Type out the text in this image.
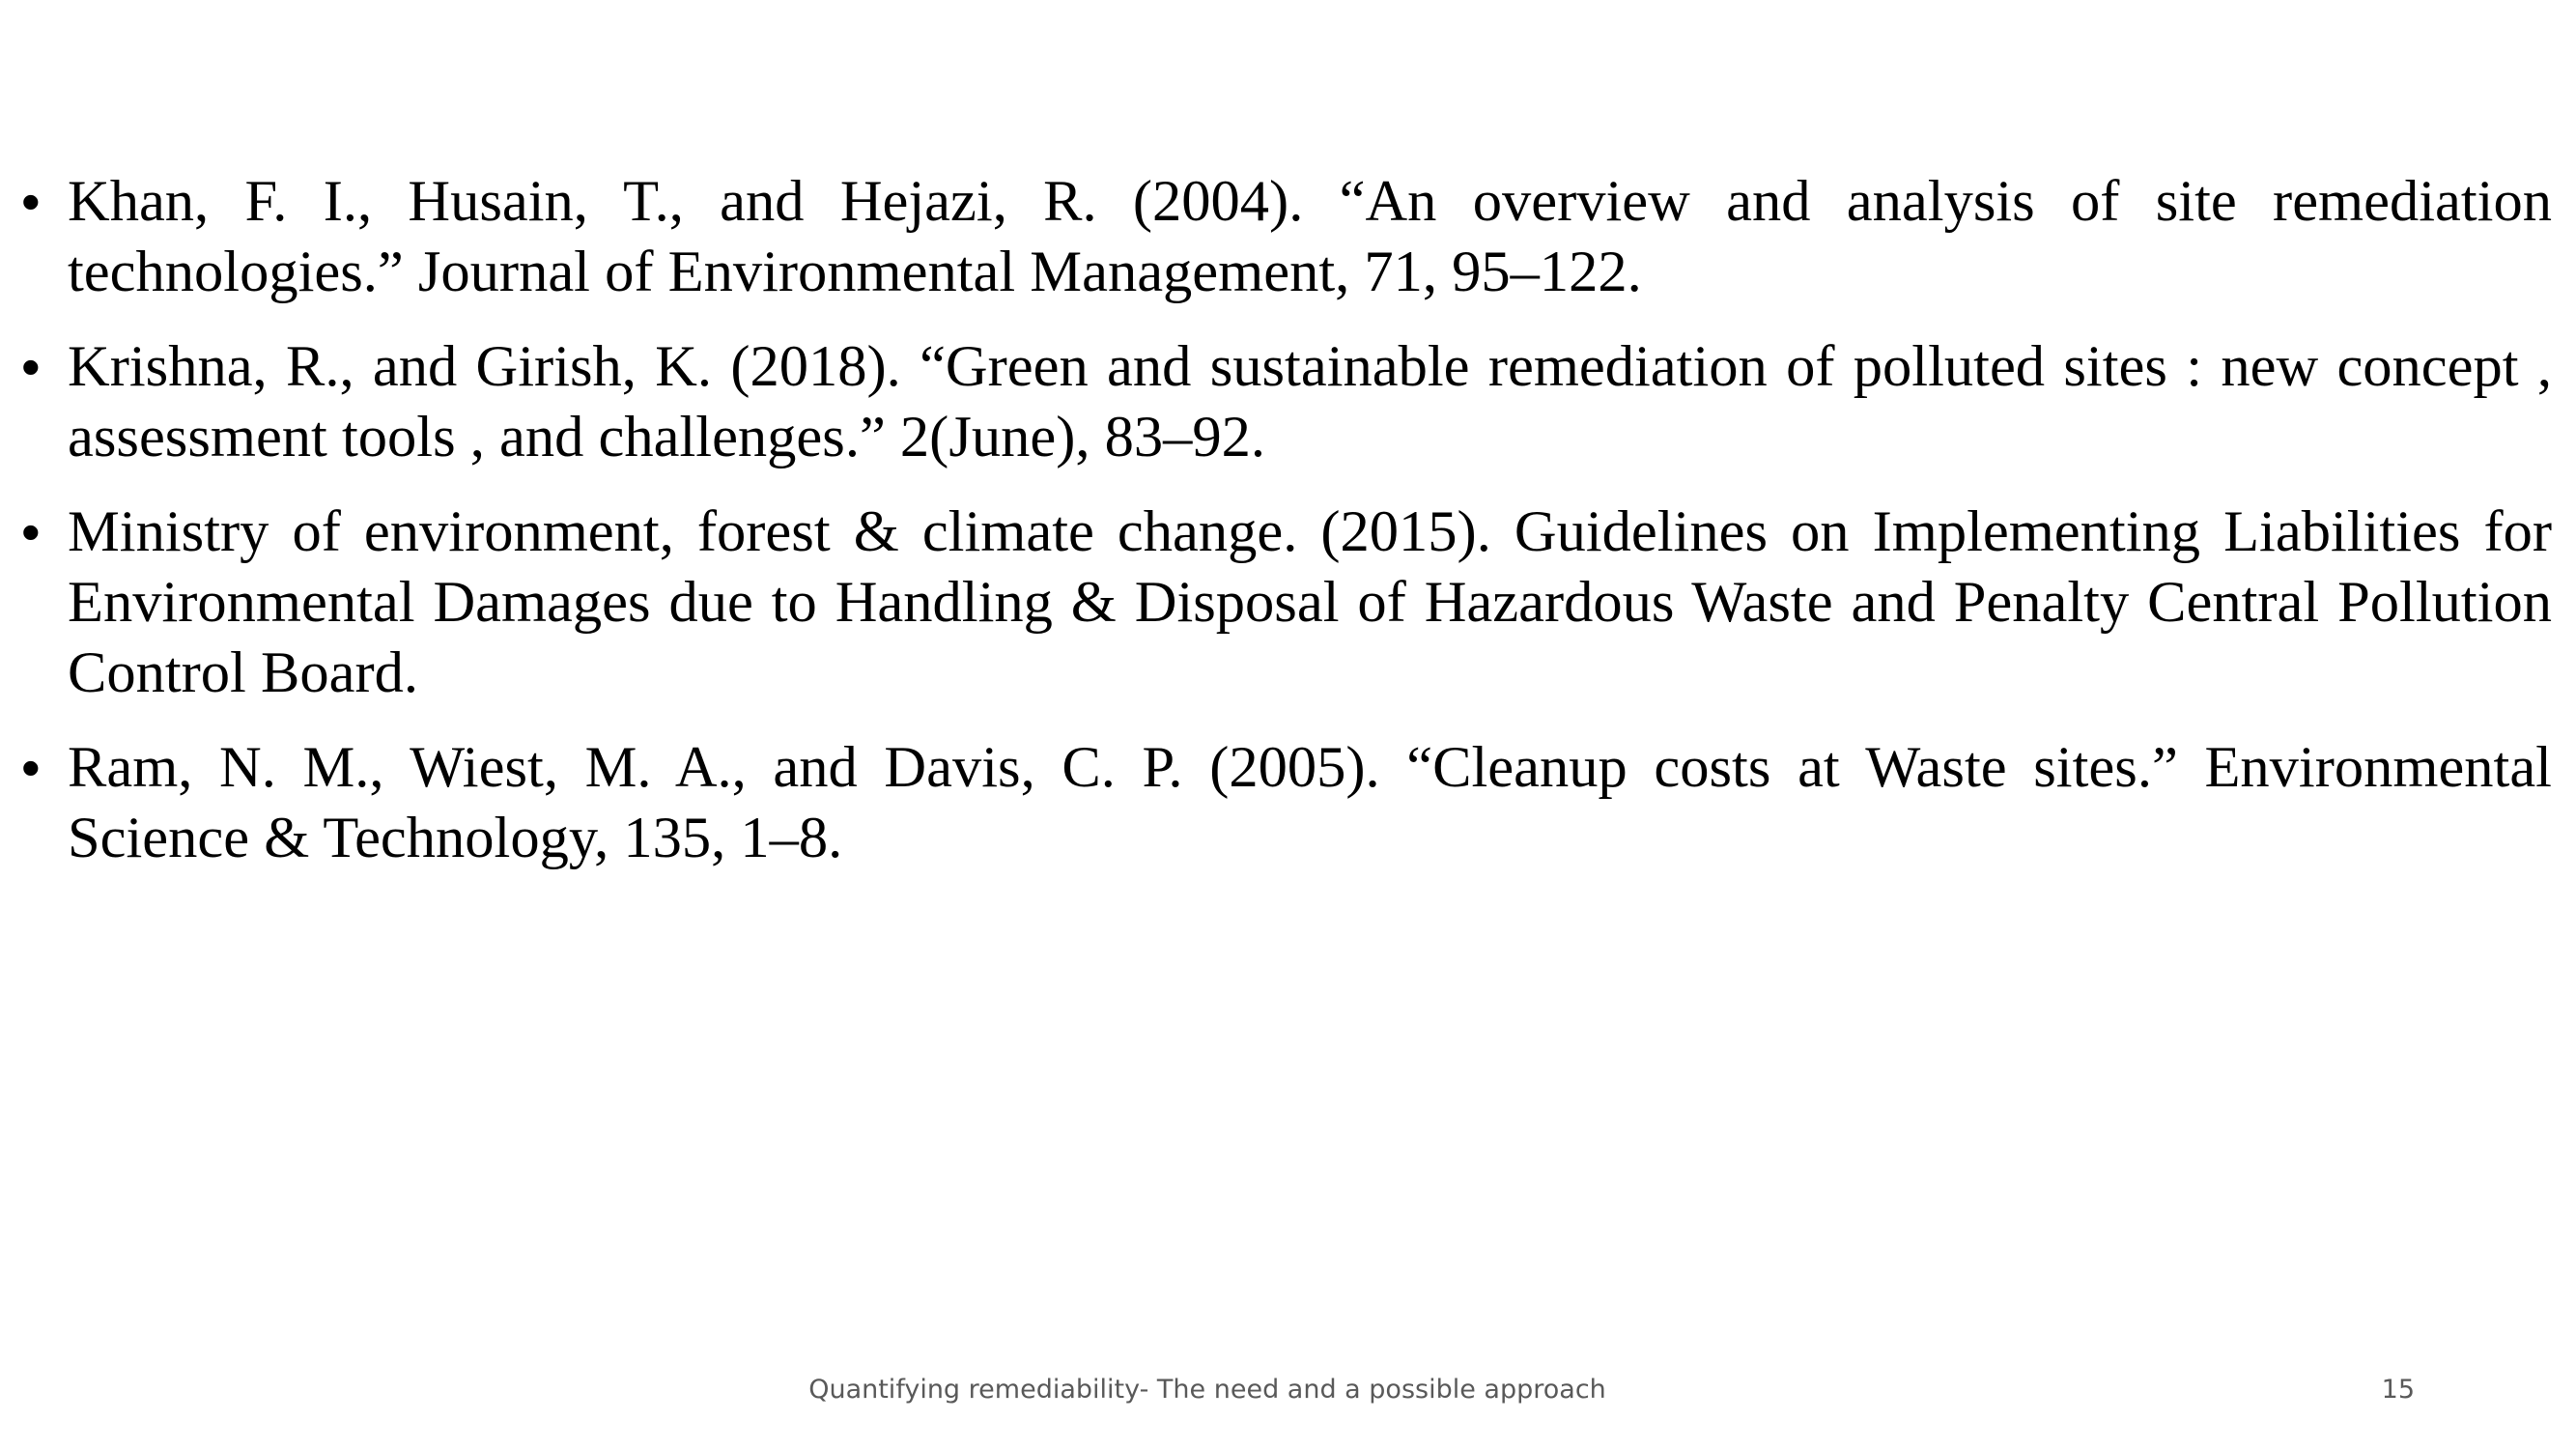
• Khan, F. I., Husain, T., and Hejazi, R. (2004). “An overview and analysis of site remediation technologies.” Journal of Environmental Management, 71, 95–122.
• Krishna, R., and Girish, K. (2018). “Green and sustainable remediation of polluted sites : new concept , assessment tools , and challenges.” 2(June), 83–92.
• Ministry of environment, forest & climate change. (2015). Guidelines on Implementing Liabilities for Environmental Damages due to Handling & Disposal of Hazardous Waste and Penalty Central Pollution Control Board.
• Ram, N. M., Wiest, M. A., and Davis, C. P. (2005). “Cleanup costs at Waste sites.” Environmental Science & Technology, 135, 1–8.
Quantifying remediability- The need and a possible approach	15
